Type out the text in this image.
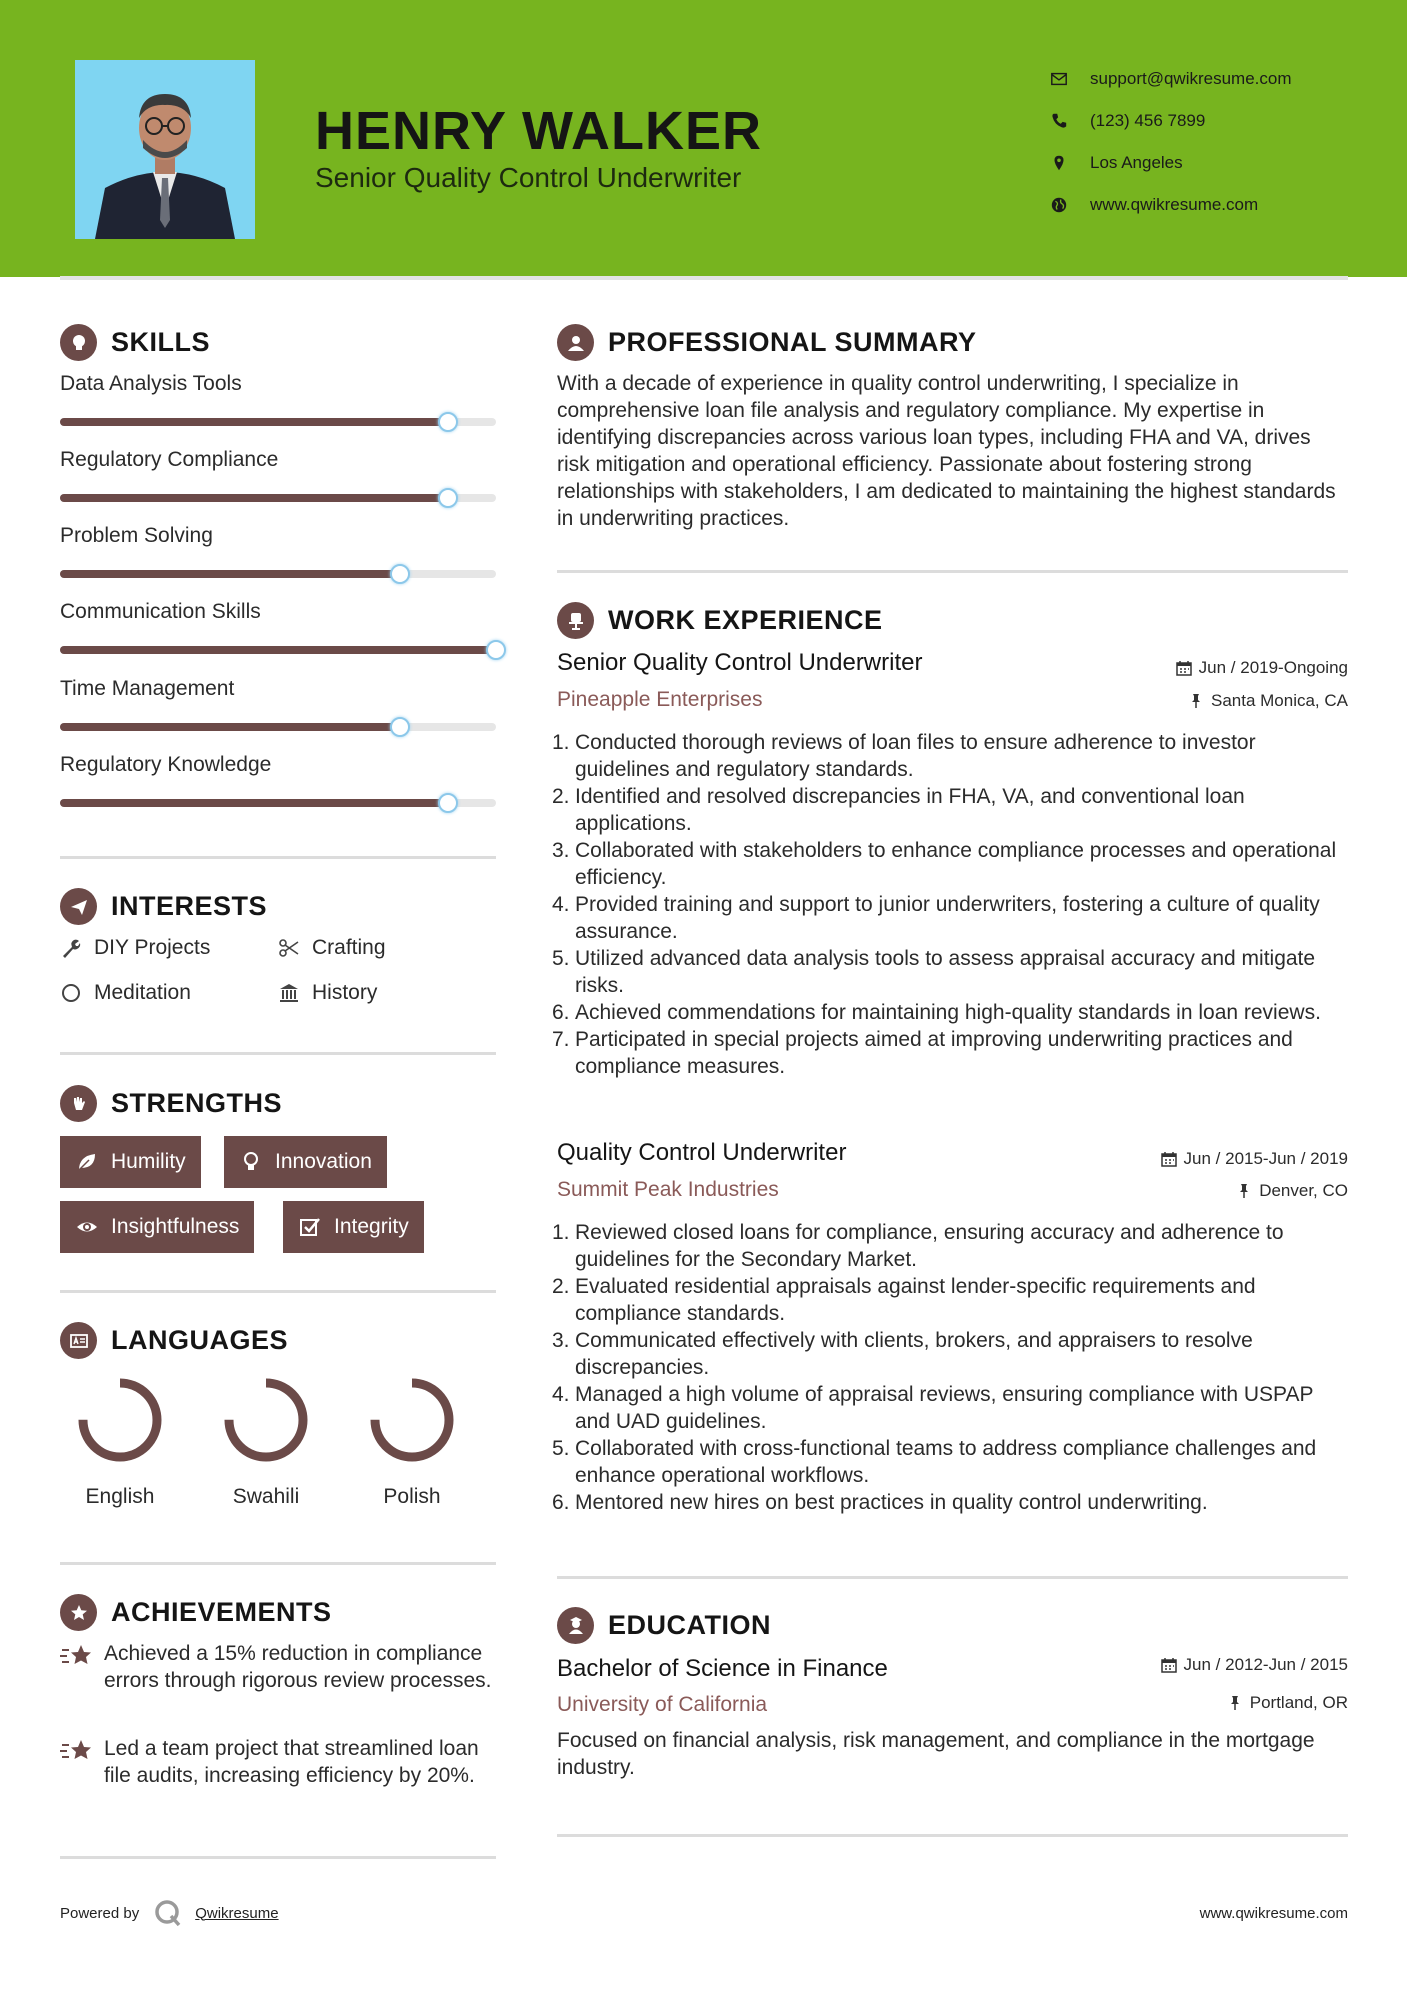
HENRY WALKER
Senior Quality Control Underwriter
support@qwikresume.com
(123) 456 7899
Los Angeles
www.qwikresume.com
SKILLS
Data Analysis Tools
Regulatory Compliance
Problem Solving
Communication Skills
Time Management
Regulatory Knowledge
INTERESTS
DIY Projects	Crafting
Meditation	History
STRENGTHS
Humility	Innovation
Insightfulness	Integrity
LANGUAGES
English	Swahili	Polish
ACHIEVEMENTS
Achieved a 15% reduction in compliance errors through rigorous review processes.
Led a team project that streamlined loan file audits, increasing efficiency by 20%.
PROFESSIONAL SUMMARY
With a decade of experience in quality control underwriting, I specialize in comprehensive loan file analysis and regulatory compliance. My expertise in identifying discrepancies across various loan types, including FHA and VA, drives risk mitigation and operational efficiency. Passionate about fostering strong relationships with stakeholders, I am dedicated to maintaining the highest standards in underwriting practices.
WORK EXPERIENCE
Senior Quality Control Underwriter	Jun / 2019-Ongoing
Pineapple Enterprises	Santa Monica, CA
1. Conducted thorough reviews of loan files to ensure adherence to investor guidelines and regulatory standards.
2. Identified and resolved discrepancies in FHA, VA, and conventional loan applications.
3. Collaborated with stakeholders to enhance compliance processes and operational efficiency.
4. Provided training and support to junior underwriters, fostering a culture of quality assurance.
5. Utilized advanced data analysis tools to assess appraisal accuracy and mitigate risks.
6. Achieved commendations for maintaining high-quality standards in loan reviews.
7. Participated in special projects aimed at improving underwriting practices and compliance measures.
Quality Control Underwriter	Jun / 2015-Jun / 2019
Summit Peak Industries	Denver, CO
1. Reviewed closed loans for compliance, ensuring accuracy and adherence to guidelines for the Secondary Market.
2. Evaluated residential appraisals against lender-specific requirements and compliance standards.
3. Communicated effectively with clients, brokers, and appraisers to resolve discrepancies.
4. Managed a high volume of appraisal reviews, ensuring compliance with USPAP and UAD guidelines.
5. Collaborated with cross-functional teams to address compliance challenges and enhance operational workflows.
6. Mentored new hires on best practices in quality control underwriting.
EDUCATION
Bachelor of Science in Finance	Jun / 2012-Jun / 2015
University of California	Portland, OR
Focused on financial analysis, risk management, and compliance in the mortgage industry.
Powered by	Qwikresume	www.qwikresume.com
